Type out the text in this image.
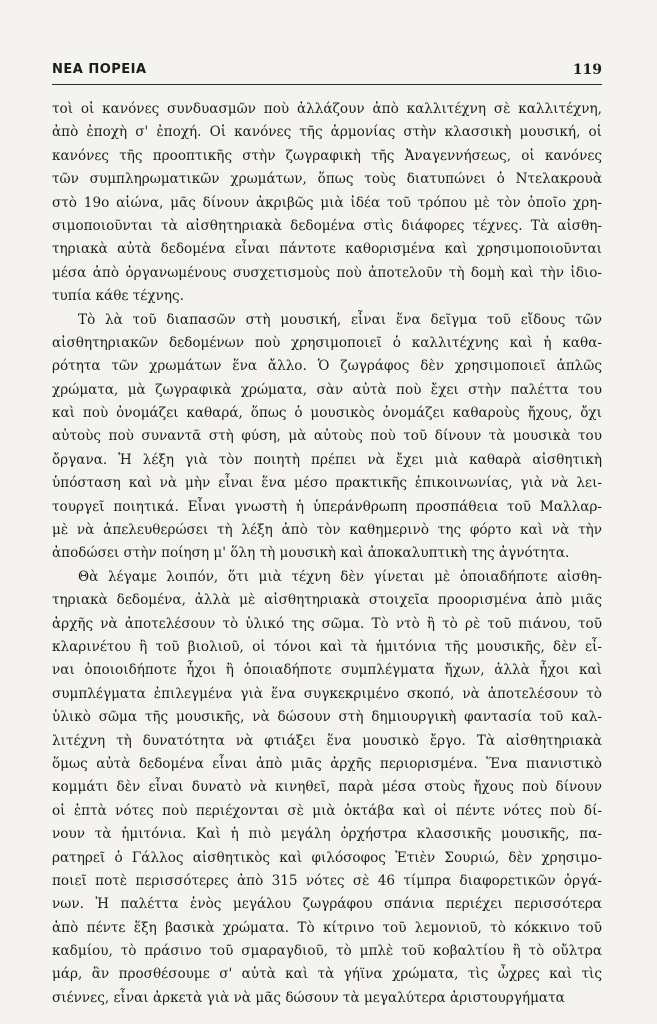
ΝΕΑ ΠΟΡΕΙΑ	119
τοὶ οἱ κανόνες συνδυασμῶν ποὺ ἀλλάζουν ἀπὸ καλλιτέχνη σὲ καλλιτέχνη,
ἀπὸ ἐποχὴ σ' ἐποχή. Οἱ κανόνες τῆς ἁρμονίας στὴν κλασσικὴ μουσική, οἱ
κανόνες τῆς προοπτικῆς στὴν ζωγραφικὴ τῆς Ἀναγεννήσεως, οἱ κανόνες
τῶν συμπληρωματικῶν χρωμάτων, ὅπως τοὺς διατυπώνει ὁ Ντελακρουὰ
στὸ 19ο αἰώνα, μᾶς δίνουν ἀκριβῶς μιὰ ἰδέα τοῦ τρόπου μὲ τὸν ὁποῖο χρη-
σιμοποιοῦνται τὰ αἰσθητηριακὰ δεδομένα στὶς διάφορες τέχνες. Τὰ αἰσθη-
τηριακὰ αὐτὰ δεδομένα εἶναι πάντοτε καθορισμένα καὶ χρησιμοποιοῦνται
μέσα ἀπὸ ὀργανωμένους συσχετισμοὺς ποὺ ἀποτελοῦν τὴ δομὴ καὶ τὴν ἰδιο-
τυπία κάθε τέχνης.
Τὸ λὰ τοῦ διαπασῶν στὴ μουσική, εἶναι ἕνα δεῖγμα τοῦ εἴδους τῶν
αἰσθητηριακῶν δεδομένων ποὺ χρησιμοποιεῖ ὁ καλλιτέχνης καὶ ἡ καθα-
ρότητα τῶν χρωμάτων ἕνα ἄλλο. Ὁ ζωγράφος δὲν χρησιμοποιεῖ ἁπλῶς
χρώματα, μὰ ζωγραφικὰ χρώματα, σὰν αὐτὰ ποὺ ἔχει στὴν παλέττα του
καὶ ποὺ ὀνομάζει καθαρά, ὅπως ὁ μουσικὸς ὀνομάζει καθαροὺς ἤχους, ὄχι
αὐτοὺς ποὺ συναντᾶ στὴ φύση, μὰ αὐτοὺς ποὺ τοῦ δίνουν τὰ μουσικὰ του
ὄργανα. Ἡ λέξη γιὰ τὸν ποιητὴ πρέπει νὰ ἔχει μιὰ καθαρὰ αἰσθητικὴ
ὑπόσταση καὶ νὰ μὴν εἶναι ἕνα μέσο πρακτικῆς ἐπικοινωνίας, γιὰ νὰ λει-
τουργεῖ ποιητικά. Εἶναι γνωστὴ ἡ ὑπεράνθρωπη προσπάθεια τοῦ Μαλλαρ-
μὲ νὰ ἀπελευθερώσει τὴ λέξη ἀπὸ τὸν καθημερινὸ της φόρτο καὶ νὰ τὴν
ἀποδώσει στὴν ποίηση μ' ὅλη τὴ μουσικὴ καὶ ἀποκαλυπτικὴ της ἀγνότητα.
Θὰ λέγαμε λοιπόν, ὅτι μιὰ τέχνη δὲν γίνεται μὲ ὁποιαδήποτε αἰσθη-
τηριακὰ δεδομένα, ἀλλὰ μὲ αἰσθητηριακὰ στοιχεῖα προορισμένα ἀπὸ μιᾶς
ἀρχῆς νὰ ἀποτελέσουν τὸ ὑλικό της σῶμα. Τὸ ντὸ ἢ τὸ ρὲ τοῦ πιάνου, τοῦ
κλαρινέτου ἢ τοῦ βιολιοῦ, οἱ τόνοι καὶ τὰ ἡμιτόνια τῆς μουσικῆς, δὲν εἶ-
ναι ὁποιοιδήποτε ἦχοι ἢ ὁποιαδήποτε συμπλέγματα ἤχων, ἀλλὰ ἦχοι καὶ
συμπλέγματα ἐπιλεγμένα γιὰ ἕνα συγκεκριμένο σκοπό, νὰ ἀποτελέσουν τὸ
ὑλικὸ σῶμα τῆς μουσικῆς, νὰ δώσουν στὴ δημιουργικὴ φαντασία τοῦ καλ-
λιτέχνη τὴ δυνατότητα νὰ φτιάξει ἕνα μουσικὸ ἔργο. Τὰ αἰσθητηριακὰ
ὅμως αὐτὰ δεδομένα εἶναι ἀπὸ μιᾶς ἀρχῆς περιορισμένα. Ἕνα πιανιστικὸ
κομμάτι δὲν εἶναι δυνατὸ νὰ κινηθεῖ, παρὰ μέσα στοὺς ἤχους ποὺ δίνουν
οἱ ἑπτὰ νότες ποὺ περιέχονται σὲ μιὰ ὀκτάβα καὶ οἱ πέντε νότες ποὺ δί-
νουν τὰ ἡμιτόνια. Καὶ ἡ πιὸ μεγάλη ὀρχήστρα κλασσικῆς μουσικῆς, πα-
ρατηρεῖ ὁ Γάλλος αἰσθητικὸς καὶ φιλόσοφος Ἐτιὲν Σουριώ, δὲν χρησιμο-
ποιεῖ ποτὲ περισσότερες ἀπὸ 315 νότες σὲ 46 τίμπρα διαφορετικῶν ὀργά-
νων. Ἡ παλέττα ἑνὸς μεγάλου ζωγράφου σπάνια περιέχει περισσότερα
ἀπὸ πέντε ἕξη βασικὰ χρώματα. Τὸ κίτρινο τοῦ λεμονιοῦ, τὸ κόκκινο τοῦ
καδμίου, τὸ πράσινο τοῦ σμαραγδιοῦ, τὸ μπλὲ τοῦ κοβαλτίου ἢ τὸ οὔλτρα
μάρ, ἂν προσθέσουμε σ' αὐτὰ καὶ τὰ γήϊνα χρώματα, τὶς ὦχρες καὶ τὶς
σιέννες, εἶναι ἀρκετὰ γιὰ νὰ μᾶς δώσουν τὰ μεγαλύτερα ἀριστουργήματα
